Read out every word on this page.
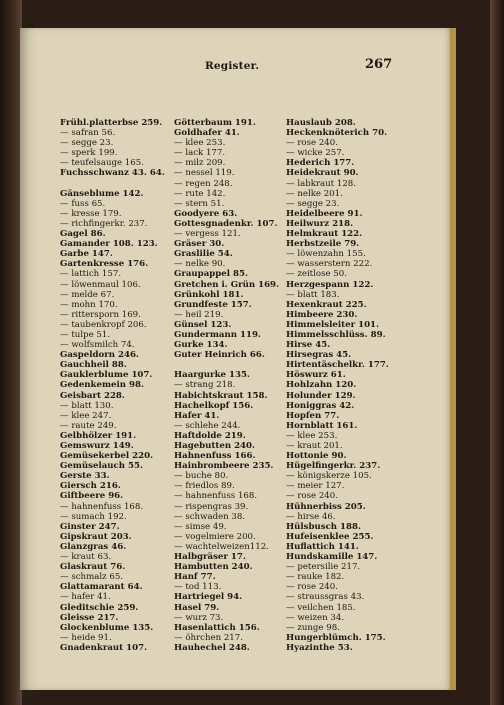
Register.	267
Frühl.platterbse 259.
— safran 56.
— segge 23.
— sperk 199.
— teufelsauge 165.
Fuchsschwanz 43. 64.
Gänseblume 142.
— fuss 65.
— kresse 179.
— richfingerkr. 237.
Gagel 86.
Gamander 108. 123.
Garbe 147.
Gartenkresse 176.
— lattich 157.
— löwenmaul 106.
— melde 67.
— mohn 170.
— rittersporn 169.
— taubenkropf 206.
— tulpe 51.
— wolfsmilch 74.
Gaspeldorn 246.
Gauchheil 88.
Gauklerblume 107.
Gedenkemein 98.
Geisbart 228.
— blatt 130.
— klee 247.
— raute 249.
Gelbhölzer 191.
Gemswurz 149.
Gemüsekerbel 220.
Gemüselauch 55.
Gerste 33.
Giersch 216.
Giftbeere 96.
— hahnenfuss 168.
— sumach 192.
Ginster 247.
Gipskraut 203.
Glanzgras 46.
— kraut 63.
Glaskraut 76.
— schmalz 65.
Glattamarant 64.
— hafer 41.
Gleditschie 259.
Gleisse 217.
Glockenblume 135.
— heide 91.
Gnadenkraut 107.
Götterbaum 191.
Goldhafer 41.
— klee 253.
— lack 177.
— milz 209.
— nessel 119.
— regen 248.
— rute 142.
— stern 51.
Goodyere 63.
Gottesgnadenkr. 107.
— vergess 121.
Gräser 30.
Graslilie 54.
— nelke 90.
Graupappel 85.
Gretchen i. Grün 169.
Grünkohl 181.
Grundfeste 157.
— heil 219.
Günsel 123.
Gundermann 119.
Gurke 134.
Guter Heinrich 66.
Haargurke 135.
— strang 218.
Habichtskraut 158.
Hachelkopf 156.
Hafer 41.
— schlehe 244.
Haftdolde 219.
Hagebutten 240.
Hahnenfuss 166.
Hainbrombeere 235.
— buche 80.
— friedlos 89.
— hahnenfuss 168.
— rispengras 39.
— schwaden 38.
— simse 49.
— vogelmiere 200.
— wachtelweizen112.
Halbgräser 17.
Hambutten 240.
Hanf 77.
— tod 113.
Hartriegel 94.
Hasel 79.
— wurz 73.
Hasenlattich 156.
— öhrchen 217.
Hauhechel 248.
Hauslaub 208.
Heckenknöterich 70.
— rose 240.
— wicke 257.
Hederich 177.
Heidekraut 90.
— labkraut 128.
— nelke 201.
— segge 23.
Heidelbeere 91.
Heilwurz 218.
Helmkraut 122.
Herbstzeile 79.
— löwenzahn 155.
— wasserstern 222.
— zeitlose 50.
Herzgespann 122.
— blatt 183.
Hexenkraut 225.
Himbeere 230.
Himmelsleiter 101.
Himmelsschlüss. 89.
Hirse 45.
Hirsegras 45.
Hirtentäschelkr. 177.
Höswurz 61.
Hohlzahn 120.
Holunder 129.
Honiggras 42.
Hopfen 77.
Hornblatt 161.
— klee 253.
— kraut 201.
Hottonie 90.
Hügelfingerkr. 237.
— königskerze 105.
— meier 127.
— rose 240.
Hühnerbiss 205.
— hirse 46.
Hülsbusch 188.
Hufeisenklee 255.
Huflattich 141.
Hundskamille 147.
— petersilie 217.
— rauke 182.
— rose 240.
— straussgras 43.
— veilchen 185.
— weizen 34.
— zunge 98.
Hungerblümch. 175.
Hyazinthe 53.
